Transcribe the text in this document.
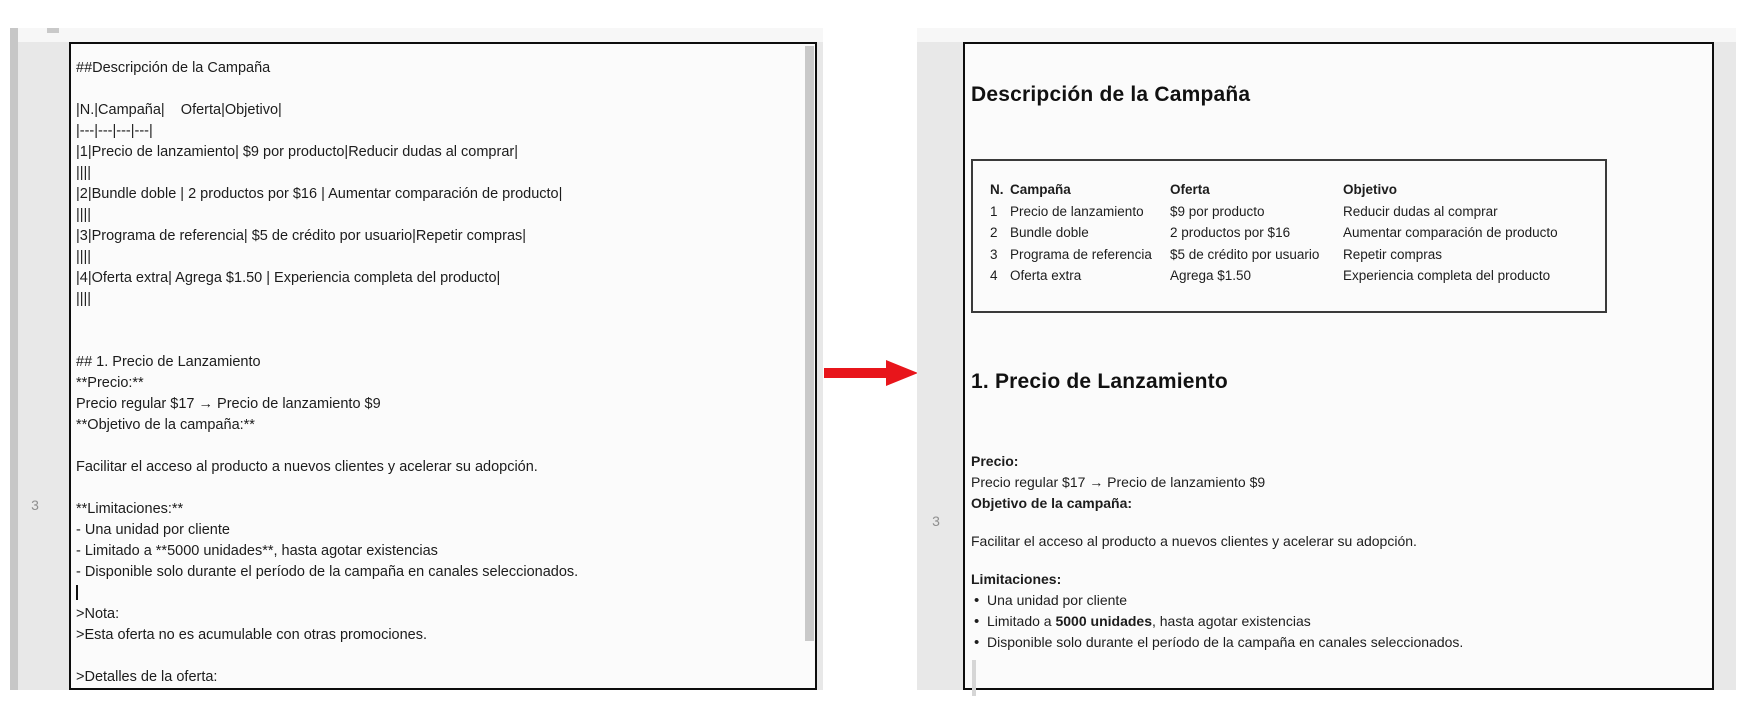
3
##Descripción de la Campaña
|N.|Campaña|    Oferta|Objetivo|
|---|---|---|---|
|1|Precio de lanzamiento| $9 por producto|Reducir dudas al comprar|
||||
|2|Bundle doble | 2 productos por $16 | Aumentar comparación de producto|
||||
|3|Programa de referencia| $5 de crédito por usuario|Repetir compras|
||||
|4|Oferta extra| Agrega $1.50 | Experiencia completa del producto|
||||
## 1. Precio de Lanzamiento
**Precio:**
Precio regular $17 → Precio de lanzamiento $9
**Objetivo de la campaña:**
Facilitar el acceso al producto a nuevos clientes y acelerar su adopción.
**Limitaciones:**
- Una unidad por cliente
- Limitado a **5000 unidades**, hasta agotar existencias
- Disponible solo durante el período de la campaña en canales seleccionados.
>Nota:
>Esta oferta no es acumulable con otras promociones.
>Detalles de la oferta:
3
Descripción de la Campaña
N. Campaña	Oferta	Objetivo
1 Precio de lanzamiento	$9 por producto	Reducir dudas al comprar
2 Bundle doble	2 productos por $16	Aumentar comparación de producto
3 Programa de referencia	$5 de crédito por usuario	Repetir compras
4 Oferta extra	Agrega $1.50	Experiencia completa del producto
1. Precio de Lanzamiento
Precio:
Precio regular $17 → Precio de lanzamiento $9
Objetivo de la campaña:
Facilitar el acceso al producto a nuevos clientes y acelerar su adopción.
Limitaciones:
• Una unidad por cliente
• Limitado a 5000 unidades, hasta agotar existencias
• Disponible solo durante el período de la campaña en canales seleccionados.
